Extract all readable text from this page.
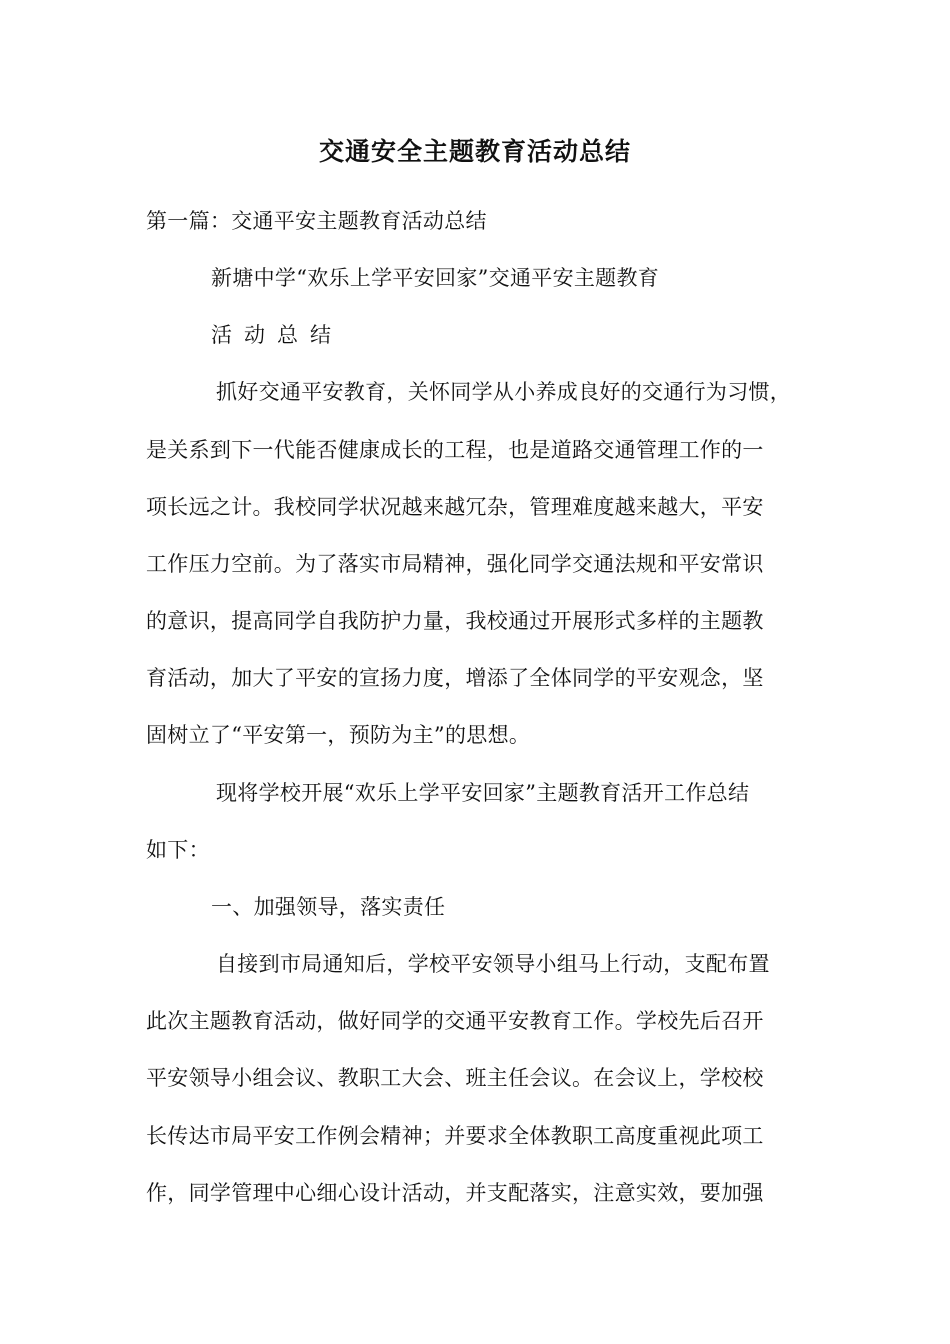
交通安全主题教育活动总结
第一篇：交通平安主题教育活动总结
新塘中学“欢乐上学平安回家”交通平安主题教育
活动总结
抓好交通平安教育，关怀同学从小养成良好的交通行为习惯，
是关系到下一代能否健康成长的工程，也是道路交通管理工作的一
项长远之计。我校同学状况越来越冗杂，管理难度越来越大，平安
工作压力空前。为了落实市局精神，强化同学交通法规和平安常识
的意识，提高同学自我防护力量，我校通过开展形式多样的主题教
育活动，加大了平安的宣扬力度，增添了全体同学的平安观念，坚
固树立了“平安第一，预防为主”的思想。
现将学校开展“欢乐上学平安回家”主题教育活开工作总结
如下：
一、加强领导，落实责任
自接到市局通知后，学校平安领导小组马上行动，支配布置
此次主题教育活动，做好同学的交通平安教育工作。学校先后召开
平安领导小组会议、教职工大会、班主任会议。在会议上，学校校
长传达市局平安工作例会精神；并要求全体教职工高度重视此项工
作，同学管理中心细心设计活动，并支配落实，注意实效，要加强
